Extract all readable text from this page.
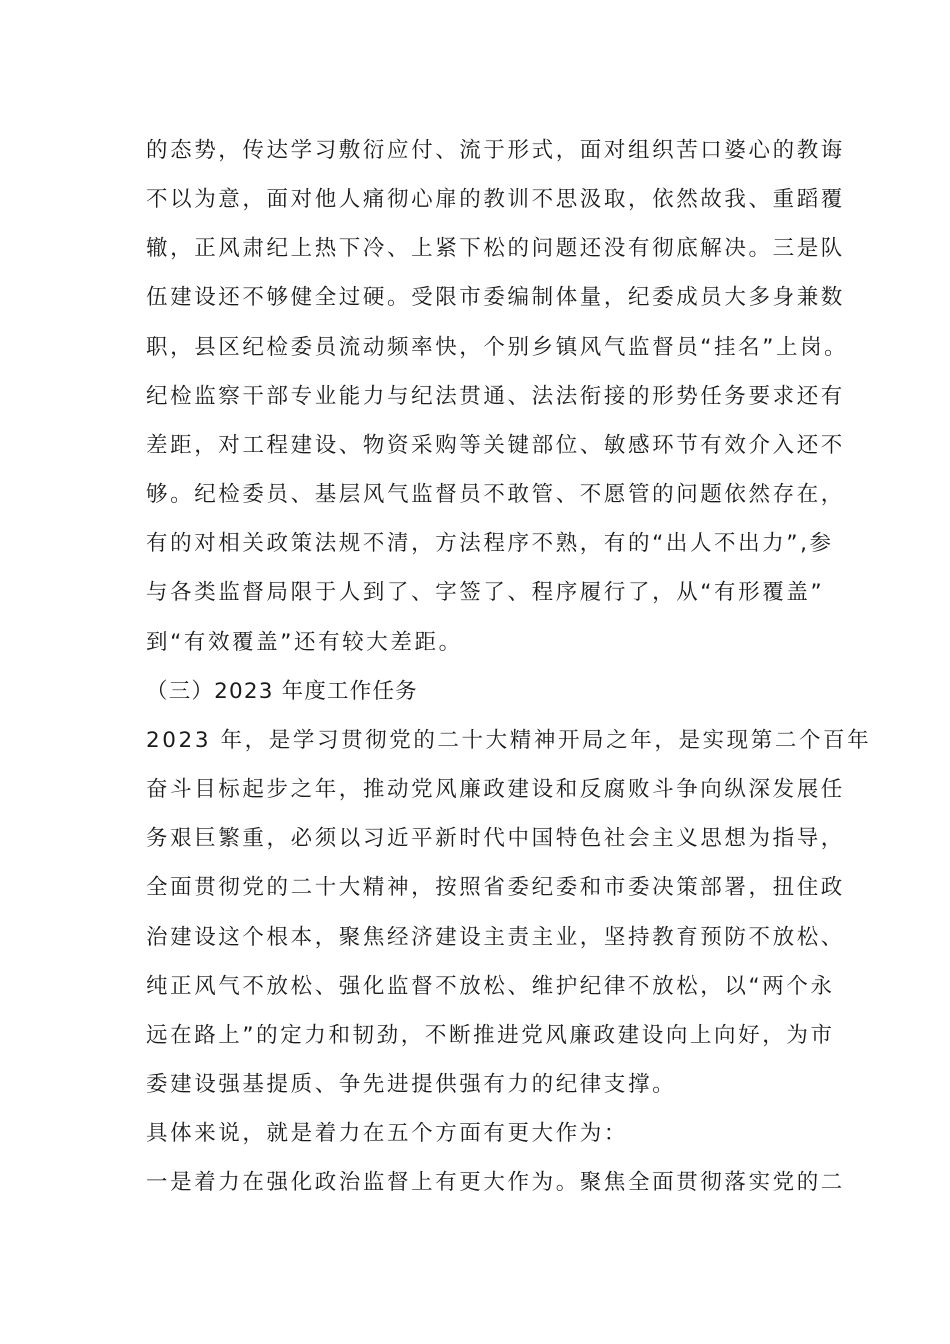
的态势，传达学习敷衍应付、流于形式，面对组织苦口婆心的教诲
不以为意，面对他人痛彻心扉的教训不思汲取，依然故我、重蹈覆
辙，正风肃纪上热下冷、上紧下松的问题还没有彻底解决。三是队
伍建设还不够健全过硬。受限市委编制体量，纪委成员大多身兼数
职，县区纪检委员流动频率快，个别乡镇风气监督员“挂名”上岗。
纪检监察干部专业能力与纪法贯通、法法衔接的形势任务要求还有
差距，对工程建设、物资采购等关键部位、敏感环节有效介入还不
够。纪检委员、基层风气监督员不敢管、不愿管的问题依然存在，
有的对相关政策法规不清，方法程序不熟，有的“出人不出力”,参
与各类监督局限于人到了、字签了、程序履行了，从“有形覆盖”
到“有效覆盖”还有较大差距。
（三）2023 年度工作任务
2023 年，是学习贯彻党的二十大精神开局之年，是实现第二个百年
奋斗目标起步之年，推动党风廉政建设和反腐败斗争向纵深发展任
务艰巨繁重，必须以习近平新时代中国特色社会主义思想为指导，
全面贯彻党的二十大精神，按照省委纪委和市委决策部署，扭住政
治建设这个根本，聚焦经济建设主责主业，坚持教育预防不放松、
纯正风气不放松、强化监督不放松、维护纪律不放松，以“两个永
远在路上”的定力和韧劲，不断推进党风廉政建设向上向好，为市
委建设强基提质、争先进提供强有力的纪律支撑。
具体来说，就是着力在五个方面有更大作为：
一是着力在强化政治监督上有更大作为。聚焦全面贯彻落实党的二
